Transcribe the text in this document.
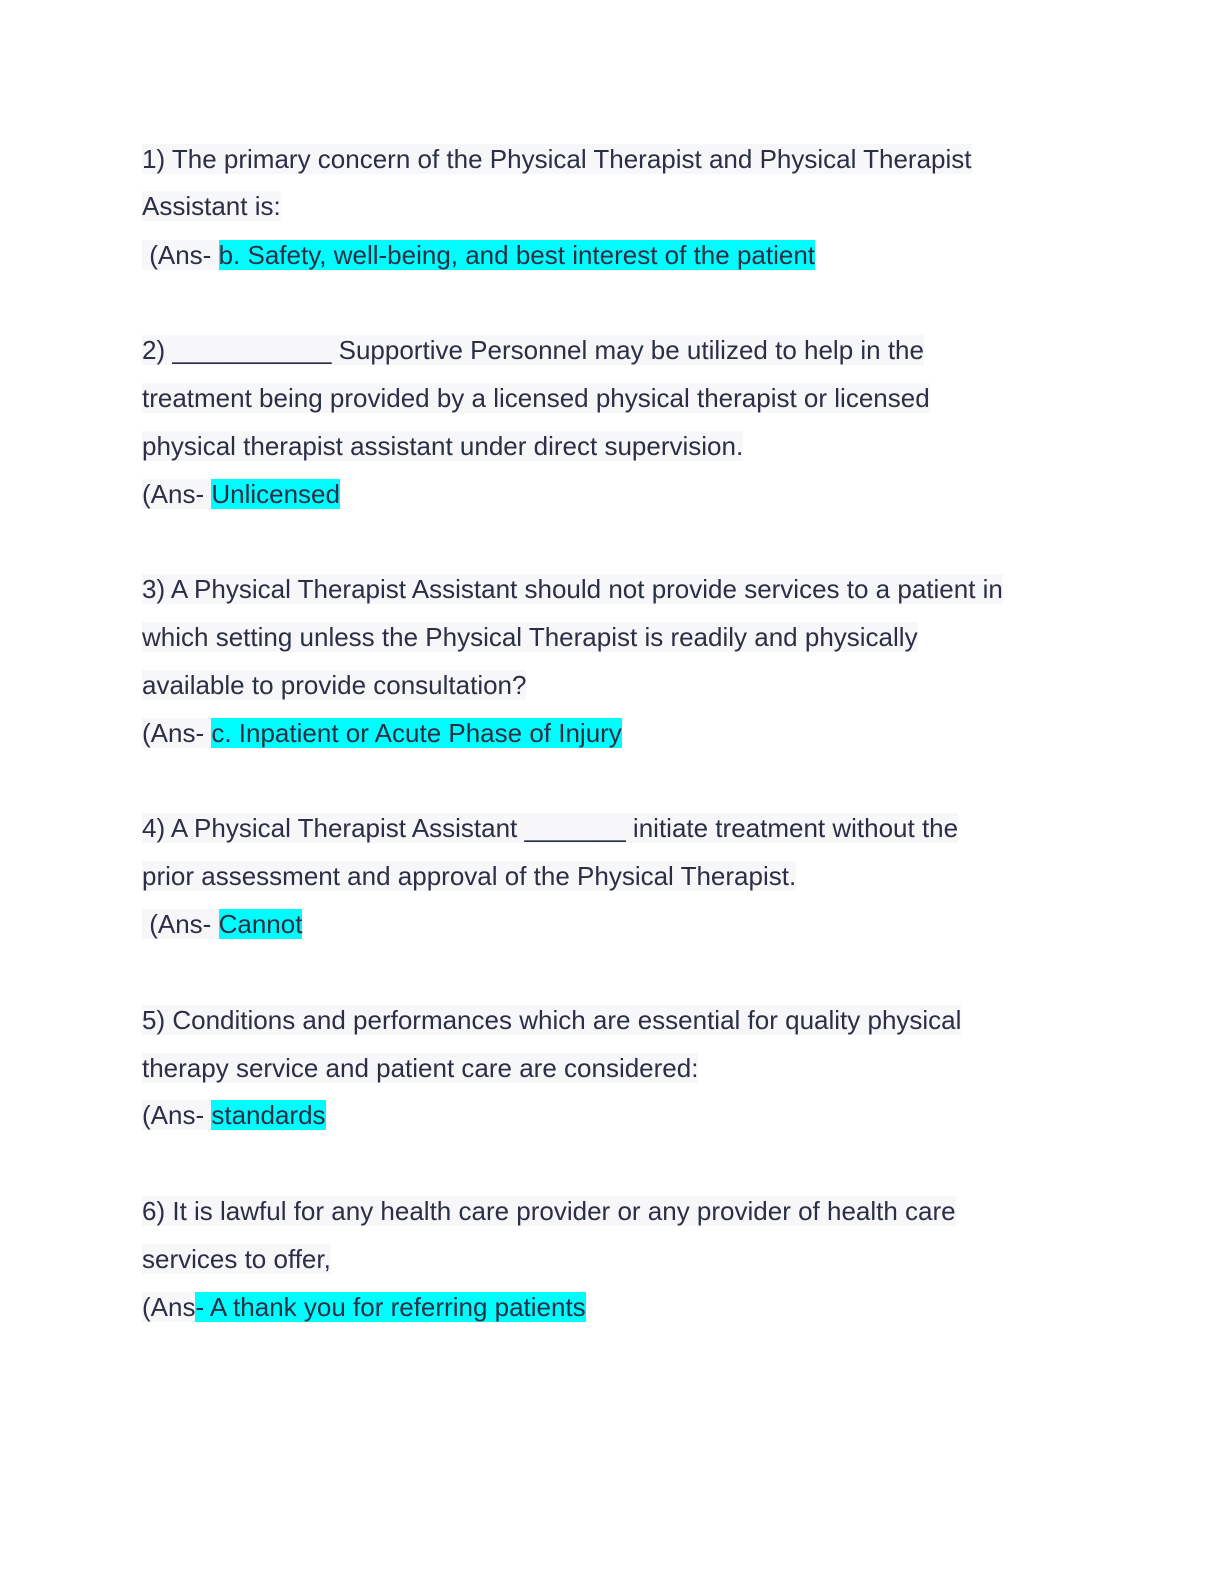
1) The primary concern of the Physical Therapist and Physical Therapist
Assistant is:
(Ans- b. Safety, well-being, and best interest of the patient
2) ___________ Supportive Personnel may be utilized to help in the
treatment being provided by a licensed physical therapist or licensed
physical therapist assistant under direct supervision.
(Ans- Unlicensed
3) A Physical Therapist Assistant should not provide services to a patient in
which setting unless the Physical Therapist is readily and physically
available to provide consultation?
(Ans- c. Inpatient or Acute Phase of Injury
4) A Physical Therapist Assistant _______ initiate treatment without the
prior assessment and approval of the Physical Therapist.
(Ans- Cannot
5) Conditions and performances which are essential for quality physical
therapy service and patient care are considered:
(Ans- standards
6) It is lawful for any health care provider or any provider of health care
services to offer,
(Ans- A thank you for referring patients
